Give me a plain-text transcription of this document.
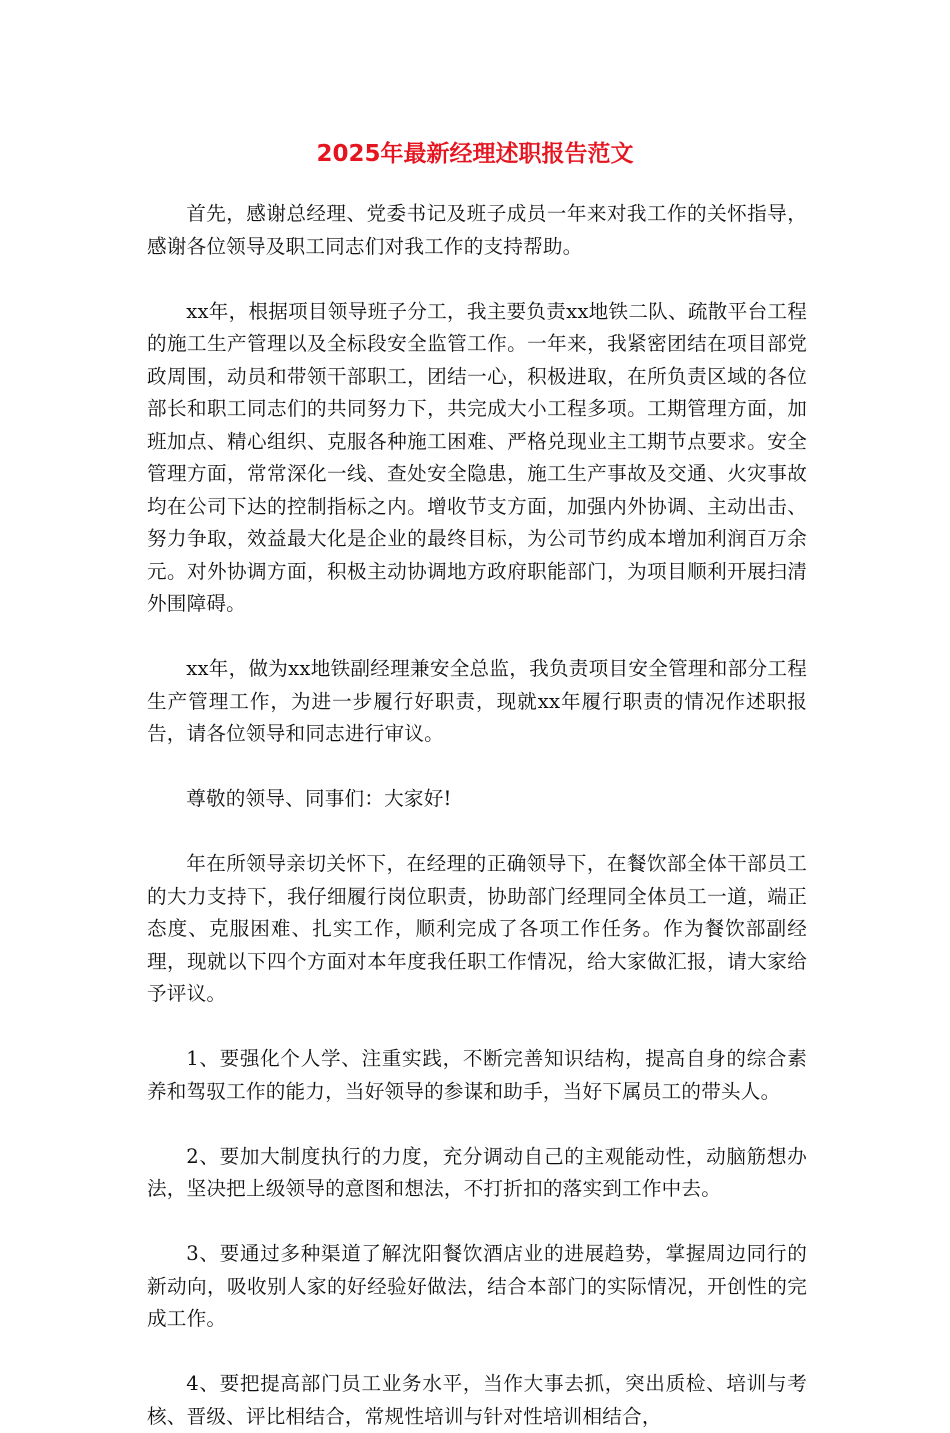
2025年最新经理述职报告范文

首先，感谢总经理、党委书记及班子成员一年来对我工作的关怀指导，感谢各位领导及职工同志们对我工作的支持帮助。

xx年，根据项目领导班子分工，我主要负责xx地铁二队、疏散平台工程的施工生产管理以及全标段安全监管工作。一年来，我紧密团结在项目部党政周围，动员和带领干部职工，团结一心，积极进取，在所负责区域的各位部长和职工同志们的共同努力下，共完成大小工程多项。工期管理方面，加班加点、精心组织、克服各种施工困难、严格兑现业主工期节点要求。安全管理方面，常常深化一线、查处安全隐患，施工生产事故及交通、火灾事故均在公司下达的控制指标之内。增收节支方面，加强内外协调、主动出击、努力争取，效益最大化是企业的最终目标，为公司节约成本增加利润百万余元。对外协调方面，积极主动协调地方政府职能部门，为项目顺利开展扫清外围障碍。

xx年，做为xx地铁副经理兼安全总监，我负责项目安全管理和部分工程生产管理工作，为进一步履行好职责，现就xx年履行职责的情况作述职报告，请各位领导和同志进行审议。

尊敬的领导、同事们：大家好!

年在所领导亲切关怀下，在经理的正确领导下，在餐饮部全体干部员工的大力支持下，我仔细履行岗位职责，协助部门经理同全体员工一道，端正态度、克服困难、扎实工作，顺利完成了各项工作任务。作为餐饮部副经理，现就以下四个方面对本年度我任职工作情况，给大家做汇报，请大家给予评议。

1、要强化个人学、注重实践，不断完善知识结构，提高自身的综合素养和驾驭工作的能力，当好领导的参谋和助手，当好下属员工的带头人。

2、要加大制度执行的力度，充分调动自己的主观能动性，动脑筋想办法，坚决把上级领导的意图和想法，不打折扣的落实到工作中去。

3、要通过多种渠道了解沈阳餐饮酒店业的进展趋势，掌握周边同行的新动向，吸收别人家的好经验好做法，结合本部门的实际情况，开创性的完成工作。

4、要把提高部门员工业务水平，当作大事去抓，突出质检、培训与考核、晋级、评比相结合，常规性培训与针对性培训相结合，
